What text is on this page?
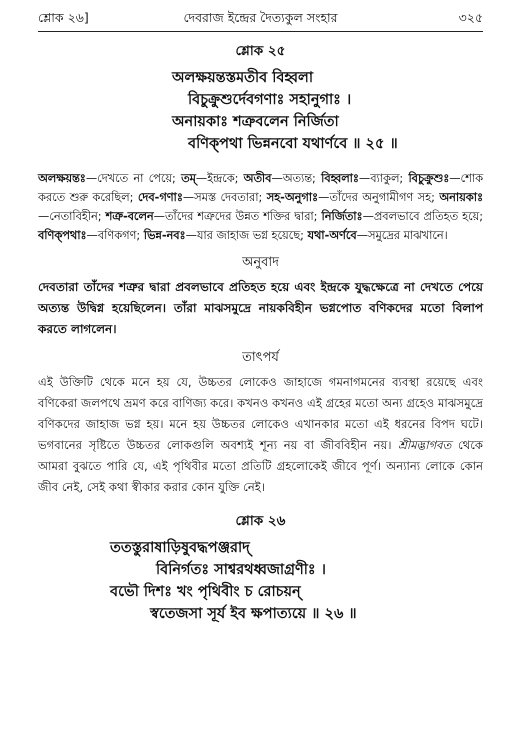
শ্লোক ২৬]	দেবরাজ ইন্দ্রের দৈত্যকুল সংহার	৩২৫
শ্লোক ২৫
অলক্ষয়ন্তস্তমতীব বিহ্বলা
বিচুক্রুশুর্দেবগণাঃ সহানুগাঃ ।
অনায়কাঃ শত্রুবলেন নির্জিতা
বণিক্‌পথা ভিন্ননবো যথার্ণবে ॥ ২৫ ॥
অলক্ষয়ন্তঃ—দেখতে না পেয়ে; তম্—ইন্দ্রকে; অতীব—অত্যন্ত; বিহ্বলাঃ—ব্যাকুল; বিচুক্রুশুঃ—শোক করতে শুরু করেছিল; দেব-গণাঃ—সমস্ত দেবতারা; সহ-অনুগাঃ—তাঁদের অনুগামীগণ সহ; অনায়কাঃ—নেতাবিহীন; শত্রু-বলেন—তাঁদের শত্রুদের উন্নত শক্তির দ্বারা; নির্জিতাঃ—প্রবলভাবে প্রতিহত হয়ে; বণিক্‌পথাঃ—বণিকগণ; ভিন্ন-নবঃ—যার জাহাজ ভগ্ন হয়েছে; যথা-অর্ণবে—সমুদ্রের মাঝখানে।
অনুবাদ
দেবতারা তাঁদের শত্রুর দ্বারা প্রবলভাবে প্রতিহত হয়ে এবং ইন্দ্রকে যুদ্ধক্ষেত্রে না দেখতে পেয়ে অত্যন্ত উদ্বিগ্ন হয়েছিলেন। তাঁরা মাঝসমুদ্রে নায়কবিহীন ভগ্নপোত বণিকদের মতো বিলাপ করতে লাগলেন।
তাৎপর্য
এই উক্তিটি থেকে মনে হয় যে, উচ্চতর লোকেও জাহাজে গমনাগমনের ব্যবস্থা রয়েছে এবং বণিকেরা জলপথে ভ্রমণ করে বাণিজ্য করে। কখনও কখনও এই গ্রহের মতো অন্য গ্রহেও মাঝসমুদ্রে বণিকদের জাহাজ ভগ্ন হয়। মনে হয় উচ্চতর লোকেও এখানকার মতো এই ধরনের বিপদ ঘটে। ভগবানের সৃষ্টিতে উচ্চতর লোকগুলি অবশ্যই শূন্য নয় বা জীববিহীন নয়। শ্রীমদ্ভাগবত থেকে আমরা বুঝতে পারি যে, এই পৃথিবীর মতো প্রতিটি গ্রহলোকেই জীবে পূর্ণ। অন্যান্য লোকে কোন জীব নেই, সেই কথা স্বীকার করার কোন যুক্তি নেই।
শ্লোক ২৬
ততস্তুরাষাড়িষুবদ্ধপঞ্জরাদ্
বিনির্গতঃ সাশ্বরথধ্বজাগ্রণীঃ ।
বভৌ দিশঃ খং পৃথিবীং চ রোচয়ন্
স্বতেজসা সূর্য ইব ক্ষপাত্যয়ে ॥ ২৬ ॥
